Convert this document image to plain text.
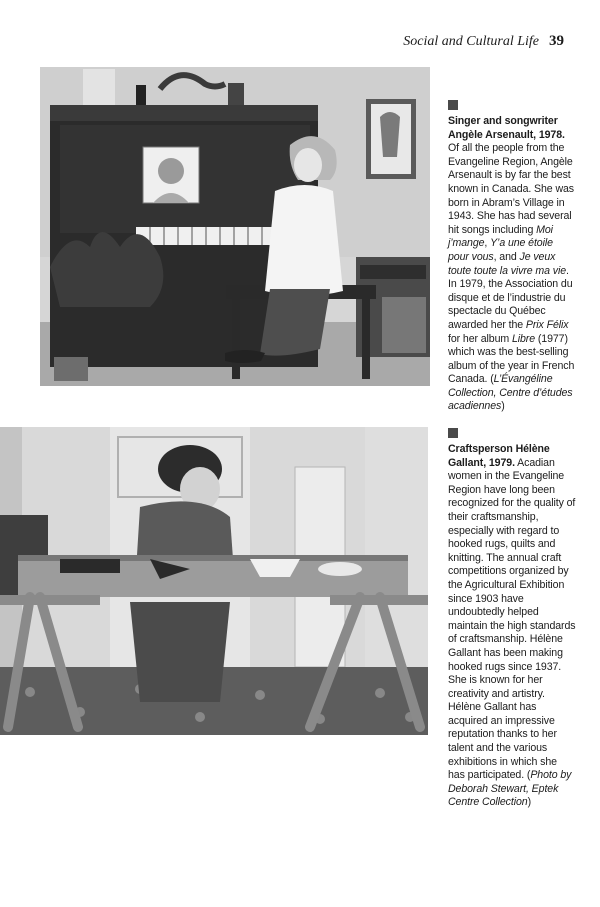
Social and Cultural Life 39
Singer and songwriter Angèle Arsenault, 1978. Of all the people from the Evangeline Region, Angèle Arsenault is by far the best known in Canada. She was born in Abram’s Village in 1943. She has had several hit songs including Moi j’mange, Y’a une étoile pour vous, and Je veux toute toute la vivre ma vie. In 1979, the Association du disque et de l’industrie du spectacle du Québec awarded her the Prix Félix for her album Libre (1977) which was the best-selling album of the year in French Canada. (L’Évangéline Collection, Centre d’études acadiennes)
Craftsperson Hélène Gallant, 1979. Acadian women in the Evangeline Region have long been recognized for the quality of their craftsmanship, especially with regard to hooked rugs, quilts and knitting. The annual craft competitions organized by the Agricultural Exhibition since 1903 have undoubtedly helped maintain the high standards of craftsmanship. Hélène Gallant has been making hooked rugs since 1937. She is known for her creativity and artistry. Hélène Gallant has acquired an impressive reputation thanks to her talent and the various exhibitions in which she has participated. (Photo by Deborah Stewart, Eptek Centre Collection)
